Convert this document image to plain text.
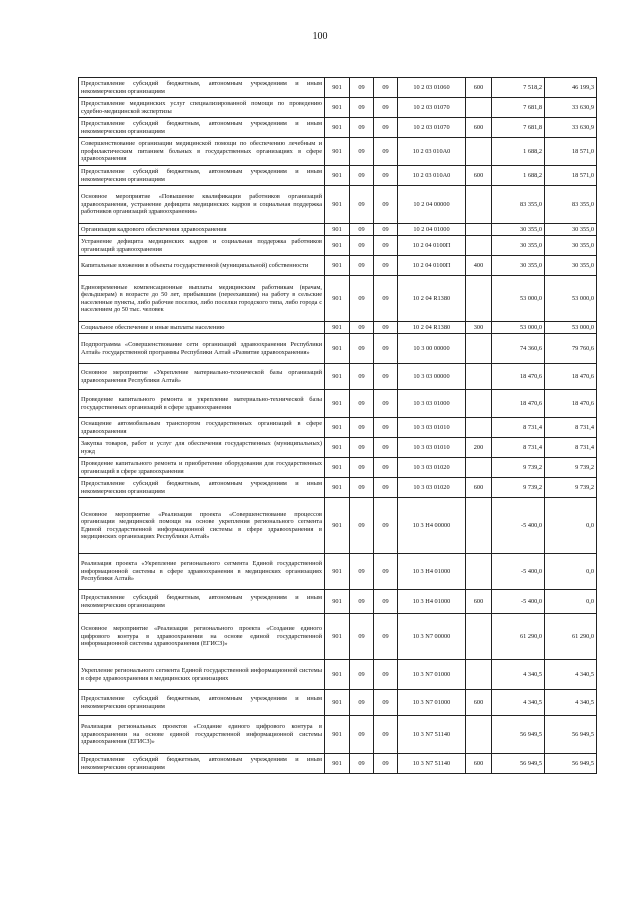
100
Предоставление субсидий бюджетным, автономным учреждениям и иным некоммерческим организациям	901	09	09	10 2 03 01060	600	7 518,2	46 199,3
Предоставление медицинских услуг специализированной помощи по проведению судебно-медицинской экспертизы	901	09	09	10 2 03 01070		7 681,8	33 630,9
Предоставление субсидий бюджетным, автономным учреждениям и иным некоммерческим организациям	901	09	09	10 2 03 01070	600	7 681,8	33 630,9
Совершенствование организации медицинской помощи по обеспечению лечебным и профилактическим питанием больных в государственных организациях в сфере здравоохранения	901	09	09	10 2 03 010А0		1 688,2	18 571,0
Предоставление субсидий бюджетным, автономным учреждениям и иным некоммерческим организациям	901	09	09	10 2 03 010А0	600	1 688,2	18 571,0
Основное мероприятие «Повышение квалификации работников организаций здравоохранения, устранение дефицита медицинских кадров и социальная поддержка работников организаций здравоохранения»	901	09	09	10 2 04 00000		83 355,0	83 355,0
Организация кадрового обеспечения здравоохранения	901	09	09	10 2 04 01000		30 355,0	30 355,0
Устранение дефицита медицинских кадров и социальная поддержка работников организаций здравоохранения	901	09	09	10 2 04 0100П		30 355,0	30 355,0
Капитальные вложения в объекты государственной (муниципальной) собственности	901	09	09	10 2 04 0100П	400	30 355,0	30 355,0
Единовременные компенсационные выплаты медицинским работникам (врачам, фельдшерам) в возрасте до 50 лет, прибывшим (переехавшим) на работу в сельские населенные пункты, либо рабочие поселки, либо поселки городского типа, либо города с населением до 50 тыс. человек	901	09	09	10 2 04 R1380		53 000,0	53 000,0
Социальное обеспечение и иные выплаты населению	901	09	09	10 2 04 R1380	300	53 000,0	53 000,0
Подпрограмма «Совершенствование сети организаций здравоохранения Республики Алтай» государственной программы Республики Алтай «Развитие здравоохранения»	901	09	09	10 3 00 00000		74 360,6	79 760,6
Основное мероприятие «Укрепление материально-технической базы организаций здравоохранения Республики Алтай»	901	09	09	10 3 03 00000		18 470,6	18 470,6
Проведение капитального ремонта и укрепление материально-технической базы государственных организаций в сфере здравоохранения	901	09	09	10 3 03 01000		18 470,6	18 470,6
Оснащение автомобильным транспортом государственных организаций в сфере здравоохранения	901	09	09	10 3 03 01010		8 731,4	8 731,4
Закупка товаров, работ и услуг для обеспечения государственных (муниципальных) нужд	901	09	09	10 3 03 01010	200	8 731,4	8 731,4
Проведение капитального ремонта и приобретение оборудования для государственных организаций в сфере здравоохранения	901	09	09	10 3 03 01020		9 739,2	9 739,2
Предоставление субсидий бюджетным, автономным учреждениям и иным некоммерческим организациям	901	09	09	10 3 03 01020	600	9 739,2	9 739,2
Основное мероприятие «Реализация проекта «Совершенствование процессов организации медицинской помощи на основе укрепления регионального сегмента Единой государственной информационной системы в сфере здравоохранения в медицинских организациях Республики Алтай»	901	09	09	10 3 Н4 00000		-5 400,0	0,0
Реализация проекта «Укрепление регионального сегмента Единой государственной информационной системы в сфере здравоохранения в медицинских организациях Республики Алтай»	901	09	09	10 3 Н4 01000		-5 400,0	0,0
Предоставление субсидий бюджетным, автономным учреждениям и иным некоммерческим организациям	901	09	09	10 3 Н4 01000	600	-5 400,0	0,0
Основное мероприятие «Реализация регионального проекта «Создание единого цифрового контура в здравоохранении на основе единой государственной информационной системы здравоохранения (ЕГИСЗ)»	901	09	09	10 3 N7 00000		61 290,0	61 290,0
Укрепление регионального сегмента Единой государственной информационной системы в сфере здравоохранения в медицинских организациях	901	09	09	10 3 N7 01000		4 340,5	4 340,5
Предоставление субсидий бюджетным, автономным учреждениям и иным некоммерческим организациям	901	09	09	10 3 N7 01000	600	4 340,5	4 340,5
Реализация региональных проектов «Создание единого цифрового контура в здравоохранении на основе единой государственной информационной системы здравоохранения (ЕГИСЗ)»	901	09	09	10 3 N7 51140		56 949,5	56 949,5
Предоставление субсидий бюджетным, автономным учреждениям и иным некоммерческим организациям	901	09	09	10 3 N7 51140	600	56 949,5	56 949,5
